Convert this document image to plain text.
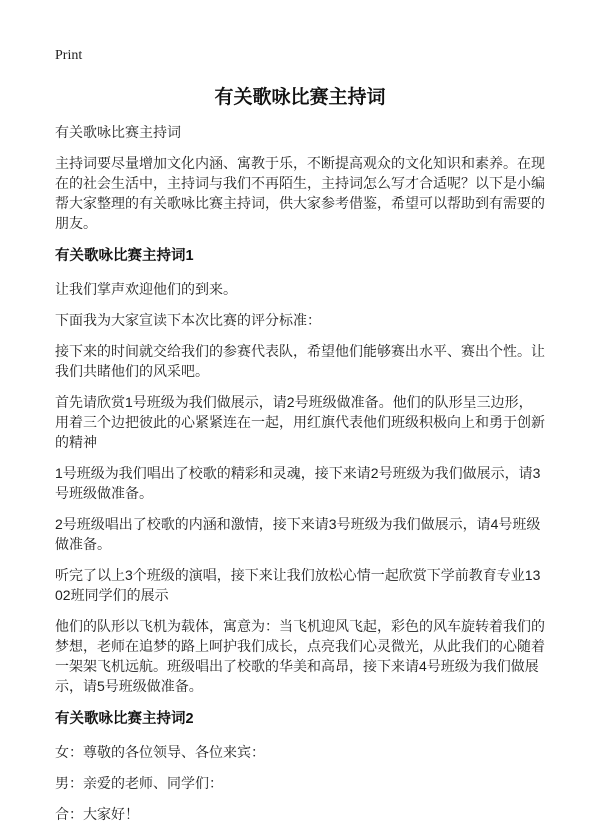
Print
有关歌咏比赛主持词

有关歌咏比赛主持词

主持词要尽量增加文化内涵、寓教于乐，不断提高观众的文化知识和素养。在现在的社会生活中，主持词与我们不再陌生，主持词怎么写才合适呢？以下是小编帮大家整理的有关歌咏比赛主持词，供大家参考借鉴，希望可以帮助到有需要的朋友。

有关歌咏比赛主持词1

让我们掌声欢迎他们的到来。

下面我为大家宣读下本次比赛的评分标准：

接下来的时间就交给我们的参赛代表队，希望他们能够赛出水平、赛出个性。让我们共睹他们的风采吧。

首先请欣赏1号班级为我们做展示，请2号班级做准备。他们的队形呈三边形，用着三个边把彼此的心紧紧连在一起，用红旗代表他们班级积极向上和勇于创新的精神

1号班级为我们唱出了校歌的精彩和灵魂，接下来请2号班级为我们做展示，请3号班级做准备。

2号班级唱出了校歌的内涵和激情，接下来请3号班级为我们做展示，请4号班级做准备。

听完了以上3个班级的演唱，接下来让我们放松心情一起欣赏下学前教育专业1302班同学们的展示

他们的队形以飞机为载体，寓意为：当飞机迎风飞起，彩色的风车旋转着我们的梦想，老师在追梦的路上呵护我们成长，点亮我们心灵微光，从此我们的心随着一架架飞机远航。班级唱出了校歌的华美和高昂，接下来请4号班级为我们做展示，请5号班级做准备。

有关歌咏比赛主持词2

女：尊敬的各位领导、各位来宾：

男：亲爱的老师、同学们：

合：大家好！
